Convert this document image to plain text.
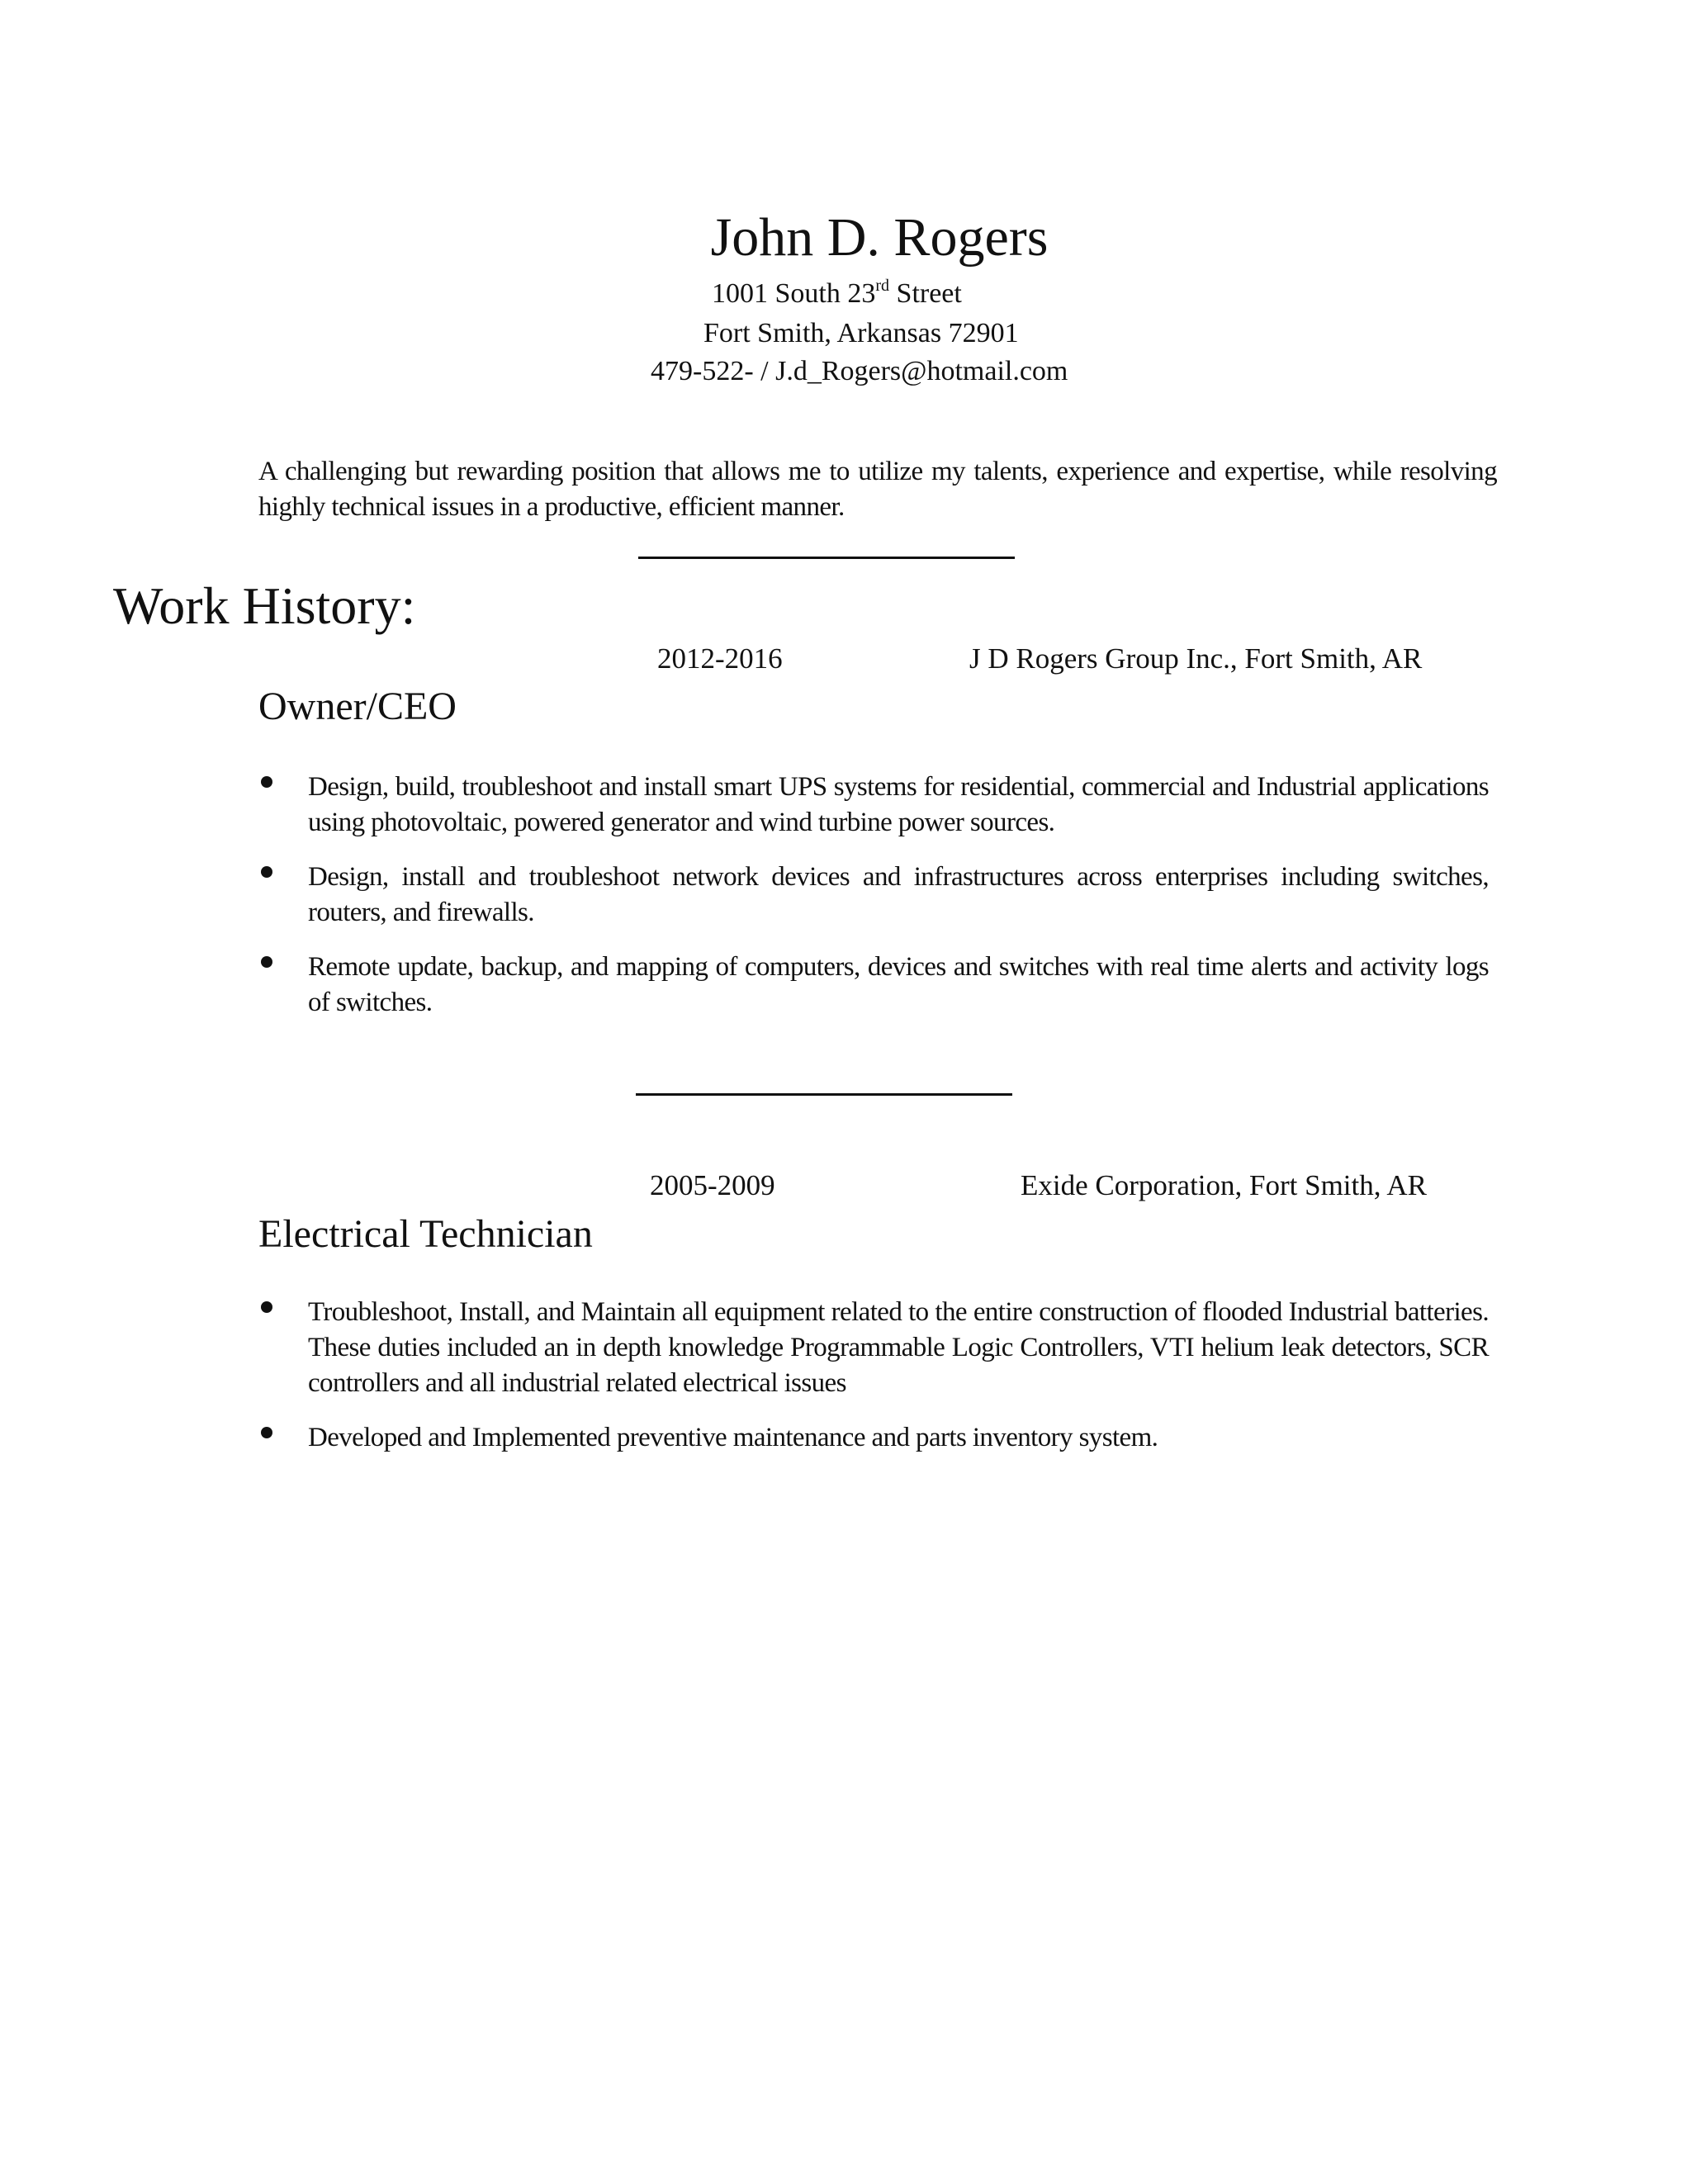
John D. Rogers
1001 South 23rd Street
Fort Smith, Arkansas 72901
479-522- / J.d_Rogers@hotmail.com
A challenging but rewarding position that allows me to utilize my talents, experience and expertise, while resolving highly technical issues in a productive, efficient manner.
Work History:
2012-2016	J D Rogers Group Inc., Fort Smith, AR
Owner/CEO
Design, build, troubleshoot and install smart UPS systems for residential, commercial and Industrial applications using photovoltaic, powered generator and wind turbine power sources.
Design, install and troubleshoot network devices and infrastructures across enterprises including switches, routers, and firewalls.
Remote update, backup, and mapping of computers, devices and switches with real time alerts and activity logs of switches.
2005-2009	Exide Corporation, Fort Smith, AR
Electrical Technician
Troubleshoot, Install, and Maintain all equipment related to the entire construction of flooded Industrial batteries. These duties included an in depth knowledge Programmable Logic Controllers, VTI helium leak detectors, SCR controllers and all industrial related electrical issues
Developed and Implemented preventive maintenance and parts inventory system.
